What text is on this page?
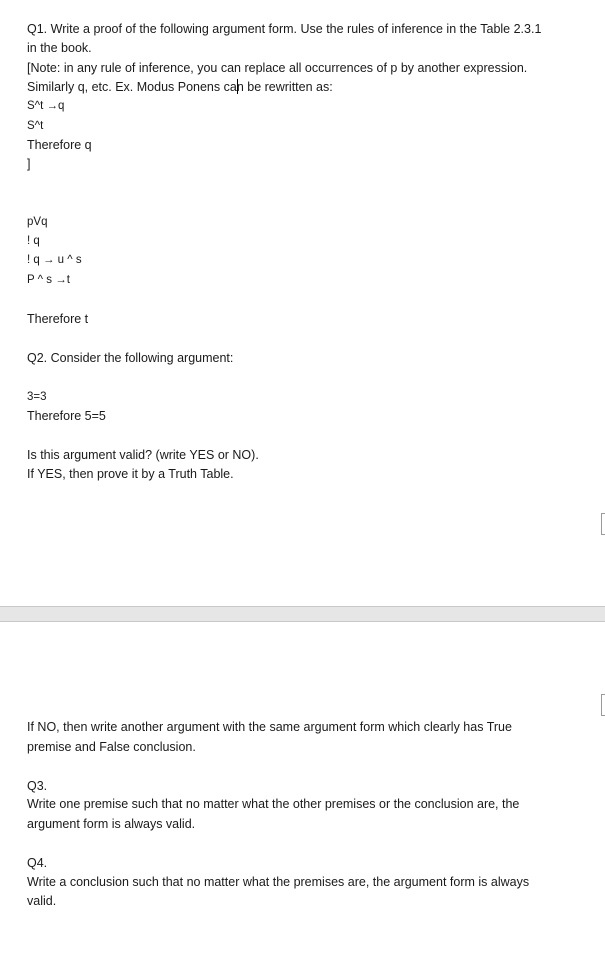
Q1. Write a proof of the following argument form. Use the rules of inference in the Table 2.3.1
in the book.
[Note: in any rule of inference, you can replace all occurrences of p by another expression.
Similarly q, etc. Ex. Modus Ponens can be rewritten as:
S^t →q
S^t
Therefore q
]
pVq
! q
! q → u ^ s
P ^ s →t
Therefore t
Q2. Consider the following argument:
3=3
Therefore 5=5
Is this argument valid? (write YES or NO).
If YES, then prove it by a Truth Table.
If NO, then write another argument with the same argument form which clearly has True
premise and False conclusion.
Q3.
Write one premise such that no matter what the other premises or the conclusion are, the
argument form is always valid.
Q4.
Write a conclusion such that no matter what the premises are, the argument form is always
valid.
